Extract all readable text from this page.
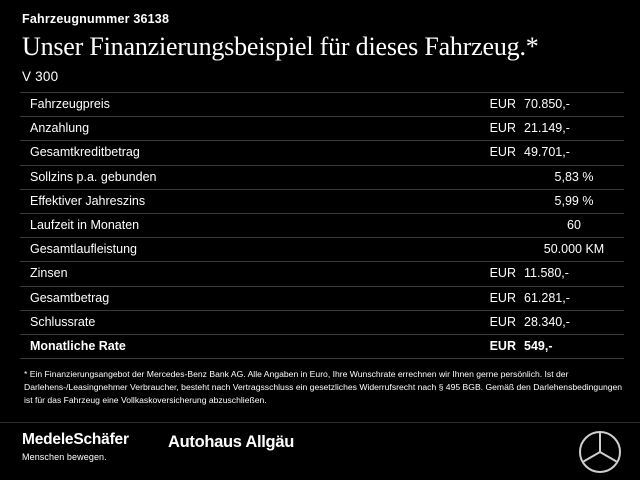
Fahrzeugnummer 36138
Unser Finanzierungsbeispiel für dieses Fahrzeug.*
V 300
Fahrzeugpreis	EUR	70.850,-
Anzahlung	EUR	21.149,-
Gesamtkreditbetrag	EUR	49.701,-
Sollzins p.a. gebunden		5,83 %
Effektiver Jahreszins		5,99 %
Laufzeit in Monaten		60
Gesamtlaufleistung		50.000 KM
Zinsen	EUR	11.580,-
Gesamtbetrag	EUR	61.281,-
Schlussrate	EUR	28.340,-
Monatliche Rate	EUR	549,-
* Ein Finanzierungsangebot der Mercedes-Benz Bank AG. Alle Angaben in Euro, Ihre Wunschrate errechnen wir Ihnen gerne persönlich. Ist der Darlehens-/Leasingnehmer Verbraucher, besteht nach Vertragsschluss ein gesetzliches Widerrufsrecht nach § 495 BGB. Gemäß den Darlehensbedingungen ist für das Fahrzeug eine Vollkaskoversicherung abzuschließen.
MedeleSchäfer
Menschen bewegen.
Autohaus Allgäu
